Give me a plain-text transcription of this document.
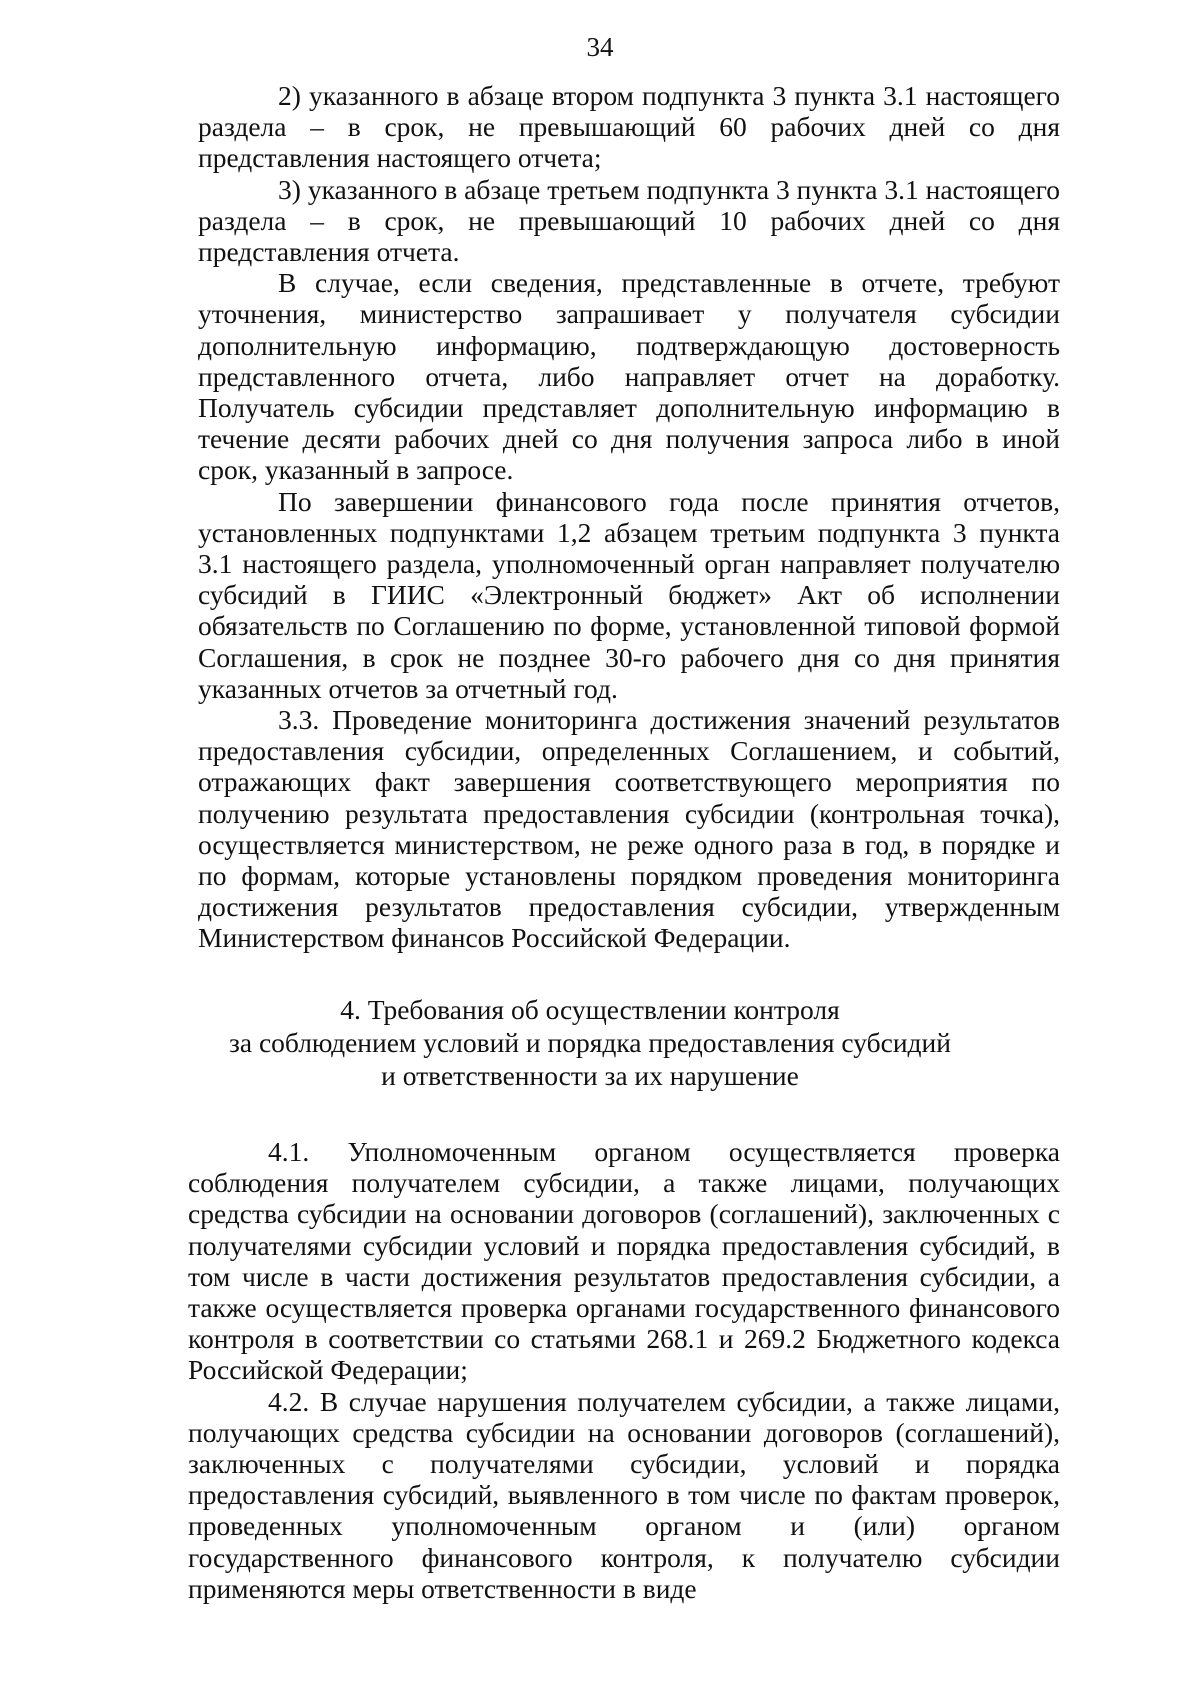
34

2) указанного в абзаце втором подпункта 3 пункта 3.1 настоящего раздела – в срок, не превышающий 60 рабочих дней со дня представления настоящего отчета;

3) указанного в абзаце третьем подпункта 3 пункта 3.1 настоящего раздела – в срок, не превышающий 10 рабочих дней со дня представления отчета.

В случае, если сведения, представленные в отчете, требуют уточнения, министерство запрашивает у получателя субсидии дополнительную информацию, подтверждающую достоверность представленного отчета, либо направляет отчет на доработку. Получатель субсидии представляет дополнительную информацию в течение десяти рабочих дней со дня получения запроса либо в иной срок, указанный в запросе.

По завершении финансового года после принятия отчетов, установленных подпунктами 1,2 абзацем третьим подпункта 3 пункта 3.1 настоящего раздела, уполномоченный орган направляет получателю субсидий в ГИИС «Электронный бюджет» Акт об исполнении обязательств по Соглашению по форме, установленной типовой формой Соглашения, в срок не позднее 30-го рабочего дня со дня принятия указанных отчетов за отчетный год.

3.3. Проведение мониторинга достижения значений результатов предоставления субсидии, определенных Соглашением, и событий, отражающих факт завершения соответствующего мероприятия по получению результата предоставления субсидии (контрольная точка), осуществляется министерством, не реже одного раза в год, в порядке и по формам, которые установлены порядком проведения мониторинга достижения результатов предоставления субсидии, утвержденным Министерством финансов Российской Федерации.

4. Требования об осуществлении контроля
за соблюдением условий и порядка предоставления субсидий
и ответственности за их нарушение

4.1. Уполномоченным органом осуществляется проверка соблюдения получателем субсидии, а также лицами, получающих средства субсидии на основании договоров (соглашений), заключенных с получателями субсидии условий и порядка предоставления субсидий, в том числе в части достижения результатов предоставления субсидии, а также осуществляется проверка органами государственного финансового контроля в соответствии со статьями 268.1 и 269.2 Бюджетного кодекса Российской Федерации;

4.2. В случае нарушения получателем субсидии, а также лицами, получающих средства субсидии на основании договоров (соглашений), заключенных с получателями субсидии, условий и порядка предоставления субсидий, выявленного в том числе по фактам проверок, проведенных уполномоченным органом и (или) органом государственного финансового контроля, к получателю субсидии применяются меры ответственности в виде
